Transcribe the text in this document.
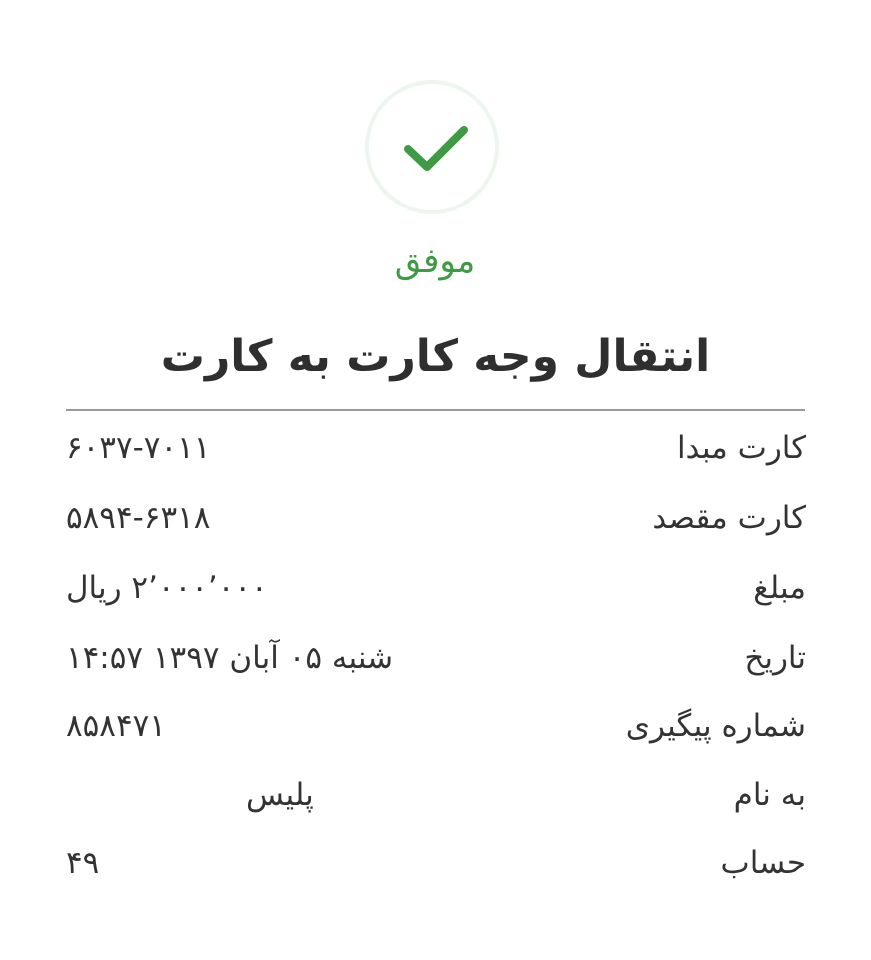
موفق
انتقال وجه کارت به کارت
کارت مبدا
۶۰۳۷-۷۰۱۱
کارت مقصد
۵۸۹۴-۶۳۱۸
مبلغ
۲٬۰۰۰٬۰۰۰ ریال
تاریخ
شنبه ۰۵ آبان ۱۳۹۷ ۱۴:۵۷
شماره پیگیری
۸۵۸۴۷۱
به نام
پلیس
حساب
۴۹
